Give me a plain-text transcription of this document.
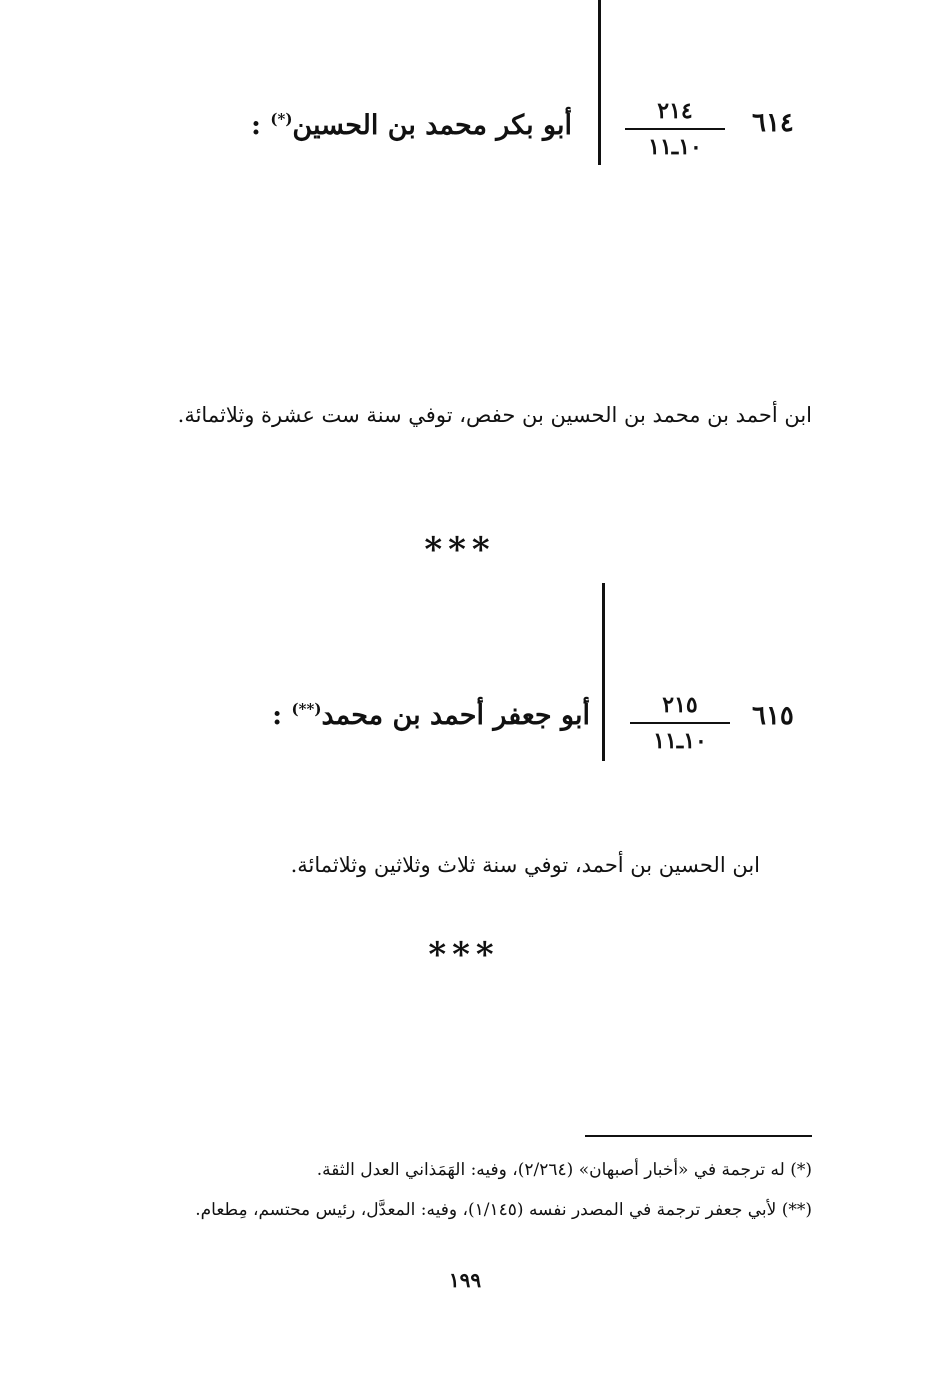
٦١٤
٢١٤
١٠ـ١١
أبو بكر محمد بن الحسين(*) :
ابن أحمد بن محمد بن الحسين بن حفص، توفي سنة ست عشرة وثلاثمائة.
***
٦١٥
٢١٥
١٠ـ١١
أبو جعفر أحمد بن محمد(**) :
ابن الحسين بن أحمد، توفي سنة ثلاث وثلاثين وثلاثمائة.
***
(*) له ترجمة في «أخبار أصبهان» (٢/٢٦٤)، وفيه: الهَمَذاني العدل الثقة.
(**) لأبي جعفر ترجمة في المصدر نفسه (١/١٤٥)، وفيه: المعدَّل، رئيس محتسم، مِطعام.
١٩٩
